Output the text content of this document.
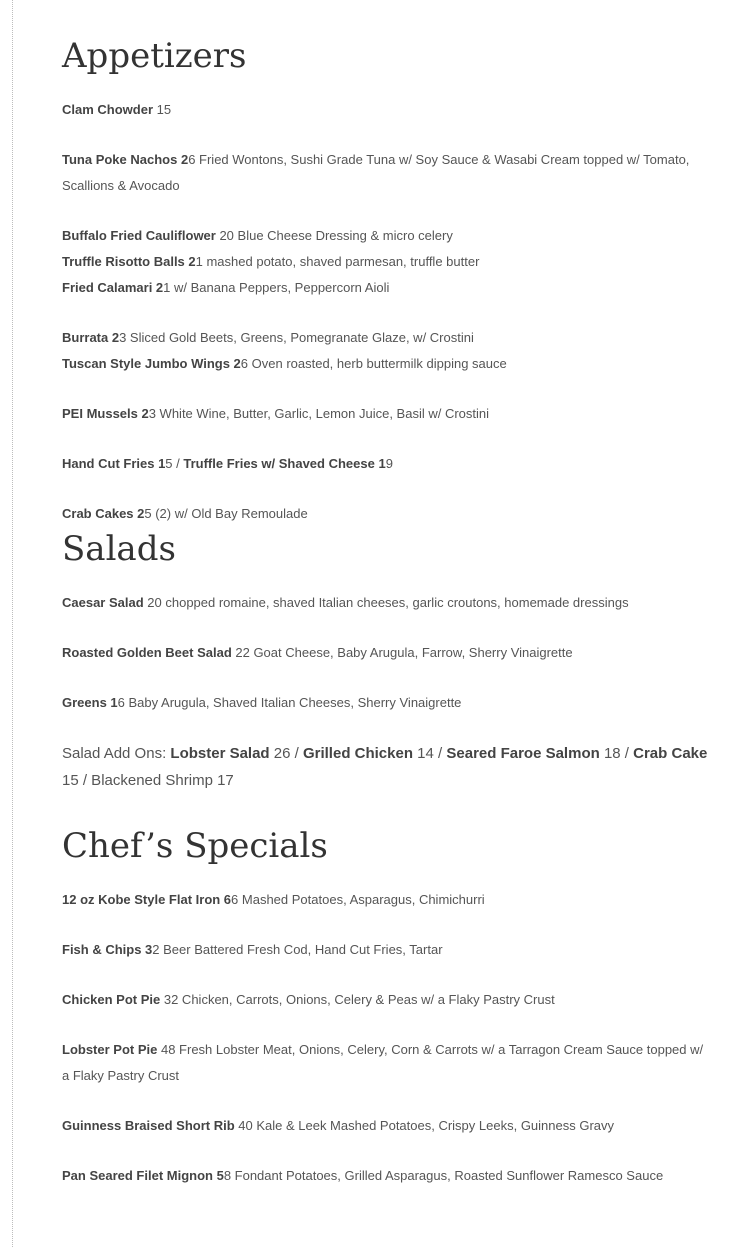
Appetizers

Clam Chowder 15

Tuna Poke Nachos 26 Fried Wontons, Sushi Grade Tuna w/ Soy Sauce & Wasabi Cream topped w/ Tomato, Scallions & Avocado

Buffalo Fried Cauliflower 20 Blue Cheese Dressing & micro celery

Truffle Risotto Balls 21 mashed potato, shaved parmesan, truffle butter

Fried Calamari 21 w/ Banana Peppers, Peppercorn Aioli

Burrata 23 Sliced Gold Beets, Greens, Pomegranate Glaze, w/ Crostini

Tuscan Style Jumbo Wings 26 Oven roasted, herb buttermilk dipping sauce

PEI Mussels 23 White Wine, Butter, Garlic, Lemon Juice, Basil w/ Crostini

Hand Cut Fries 15 / Truffle Fries w/ Shaved Cheese 19

Crab Cakes 25 (2) w/ Old Bay Remoulade

Salads

Caesar Salad 20 chopped romaine, shaved Italian cheeses, garlic croutons, homemade dressings

Roasted Golden Beet Salad 22 Goat Cheese, Baby Arugula, Farrow, Sherry Vinaigrette

Greens 16 Baby Arugula, Shaved Italian Cheeses, Sherry Vinaigrette

Salad Add Ons: Lobster Salad 26 / Grilled Chicken 14 / Seared Faroe Salmon 18 / Crab Cake 15 / Blackened Shrimp 17

Chef’s Specials

12 oz Kobe Style Flat Iron 66 Mashed Potatoes, Asparagus, Chimichurri

Fish & Chips 32 Beer Battered Fresh Cod, Hand Cut Fries, Tartar

Chicken Pot Pie 32 Chicken, Carrots, Onions, Celery & Peas w/ a Flaky Pastry Crust

Lobster Pot Pie 48 Fresh Lobster Meat, Onions, Celery, Corn & Carrots w/ a Tarragon Cream Sauce topped w/ a Flaky Pastry Crust

Guinness Braised Short Rib 40 Kale & Leek Mashed Potatoes, Crispy Leeks, Guinness Gravy

Pan Seared Filet Mignon 58 Fondant Potatoes, Grilled Asparagus, Roasted Sunflower Ramesco Sauce
